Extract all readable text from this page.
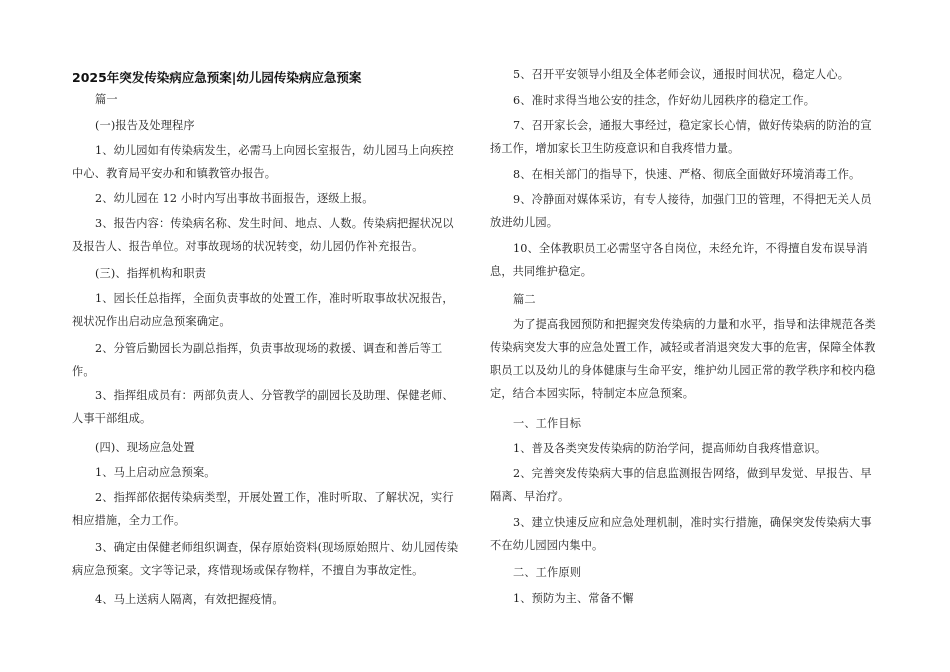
2025年突发传染病应急预案|幼儿园传染病应急预案
篇一
(一)报告及处理程序
1、幼儿园如有传染病发生，必需马上向园长室报告，幼儿园马上向疾控中心、教育局平安办和和镇教管办报告。
2、幼儿园在 12 小时内写出事故书面报告，逐级上报。
3、报告内容：传染病名称、发生时间、地点、人数。传染病把握状况以及报告人、报告单位。对事故现场的状况转变，幼儿园仍作补充报告。
(三)、指挥机构和职责
1、园长任总指挥，全面负责事故的处置工作，准时听取事故状况报告，视状况作出启动应急预案确定。
2、分管后勤园长为副总指挥，负责事故现场的救援、调查和善后等工作。
3、指挥组成员有：两部负责人、分管教学的副园长及助理、保健老师、人事干部组成。
(四)、现场应急处置
1、马上启动应急预案。
2、指挥部依据传染病类型，开展处置工作，准时听取、了解状况，实行相应措施，全力工作。
3、确定由保健老师组织调查，保存原始资料(现场原始照片、幼儿园传染病应急预案。文字等记录，疼惜现场或保存物样，不擅自为事故定性。
4、马上送病人隔离，有效把握疫情。
5、召开平安领导小组及全体老师会议，通报时间状况，稳定人心。
6、准时求得当地公安的挂念，作好幼儿园秩序的稳定工作。
7、召开家长会，通报大事经过，稳定家长心情，做好传染病的防治的宣扬工作，增加家长卫生防疫意识和自我疼惜力量。
8、在相关部门的指导下，快速、严格、彻底全面做好环境消毒工作。
9、冷静面对媒体采访，有专人接待，加强门卫的管理，不得把无关人员放进幼儿园。
10、全体教职员工必需坚守各自岗位，未经允许，不得擅自发布误导消息，共同维护稳定。
篇二
为了提高我园预防和把握突发传染病的力量和水平，指导和法律规范各类传染病突发大事的应急处置工作，减轻或者消退突发大事的危害，保障全体教职员工以及幼儿的身体健康与生命平安，维护幼儿园正常的教学秩序和校内稳定，结合本园实际，特制定本应急预案。
一、工作目标
1、普及各类突发传染病的防治学问，提高师幼自我疼惜意识。
2、完善突发传染病大事的信息监测报告网络，做到早发觉、早报告、早隔离、早治疗。
3、建立快速反应和应急处理机制，准时实行措施，确保突发传染病大事不在幼儿园园内集中。
二、工作原则
1、预防为主、常备不懈
